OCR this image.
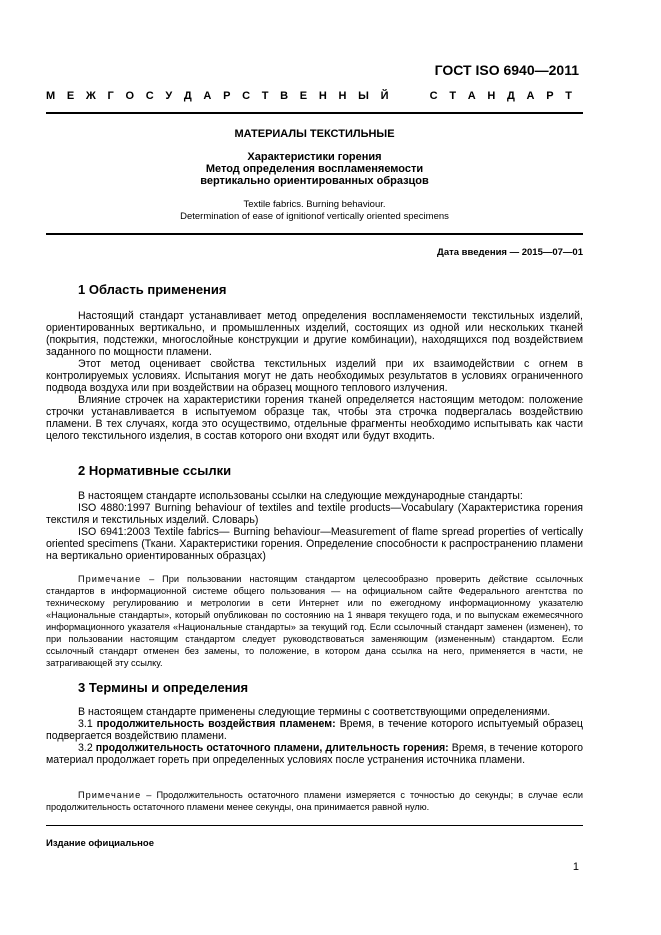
ГОСТ ISO 6940—2011
М Е Ж Г О С У Д А Р С Т В Е Н Н Ы Й

	С Т А Н Д А Р Т
МАТЕРИАЛЫ ТЕКСТИЛЬНЫЕ
Характеристики горения
Метод определения воспламеняемости
вертикально ориентированных образцов
Textile fabrics. Burning behaviour.
Determination of ease of ignitionof vertically oriented specimens
Дата введения — 2015—07—01
1 Область применения

Настоящий стандарт устанавливает метод определения воспламеняемости текстильных изделий, ориентированных вертикально, и промышленных изделий, состоящих из одной или нескольких тканей (покрытия, подстежки, многослойные конструкции и другие комбинации), находящихся под воздействием заданного по мощности пламени.

Этот метод оценивает свойства текстильных изделий при их взаимодействии с огнем в контролируемых условиях. Испытания могут не дать необходимых результатов в условиях ограниченного подвода воздуха или при воздействии на образец мощного теплового излучения.

Влияние строчек на характеристики горения тканей определяется настоящим методом: положение строчки устанавливается в испытуемом образце так, чтобы эта строчка подвергалась воздействию пламени. В тех случаях, когда это осуществимо, отдельные фрагменты необходимо испытывать как части целого текстильного изделия, в состав которого они входят или будут входить.

2 Нормативные ссылки

В настоящем стандарте использованы ссылки на следующие международные стандарты:

ISO 4880:1997 Burning behaviour of textiles and textile products—Vocabulary (Характеристика горения текстиля и текстильных изделий. Словарь)

ISO 6941:2003 Textile fabrics— Burning behaviour—Measurement of flame spread properties of vertically oriented specimens (Ткани. Характеристики горения. Определение способности к распространению пламени на вертикально ориентированных образцах)

Примечание – При пользовании настоящим стандартом целесообразно проверить действие ссылочных стандартов в информационной системе общего пользования — на официальном сайте Федерального агентства по техническому регулированию и метрологии в сети Интернет или по ежегодному информационному указателю «Национальные стандарты», который опубликован по состоянию на 1 января текущего года, и по выпускам ежемесячного информационного указателя «Национальные стандарты» за текущий год. Если ссылочный стандарт заменен (изменен), то при пользовании настоящим стандартом следует руководствоваться заменяющим (измененным) стандартом. Если ссылочный стандарт отменен без замены, то положение, в котором дана ссылка на него, применяется в части, не затрагивающей эту ссылку.

3 Термины и определения

В настоящем стандарте применены следующие термины с соответствующими определениями.

3.1 продолжительность воздействия пламенем: Время, в течение которого испытуемый образец подвергается воздействию пламени.

3.2 продолжительность остаточного пламени, длительность горения: Время, в течение которого материал продолжает гореть при определенных условиях после устранения источника пламени.

Примечание – Продолжительность остаточного пламени измеряется с точностью до секунды; в случае если продолжительность остаточного пламени менее секунды, она принимается равной нулю.

Издание официальное
1
